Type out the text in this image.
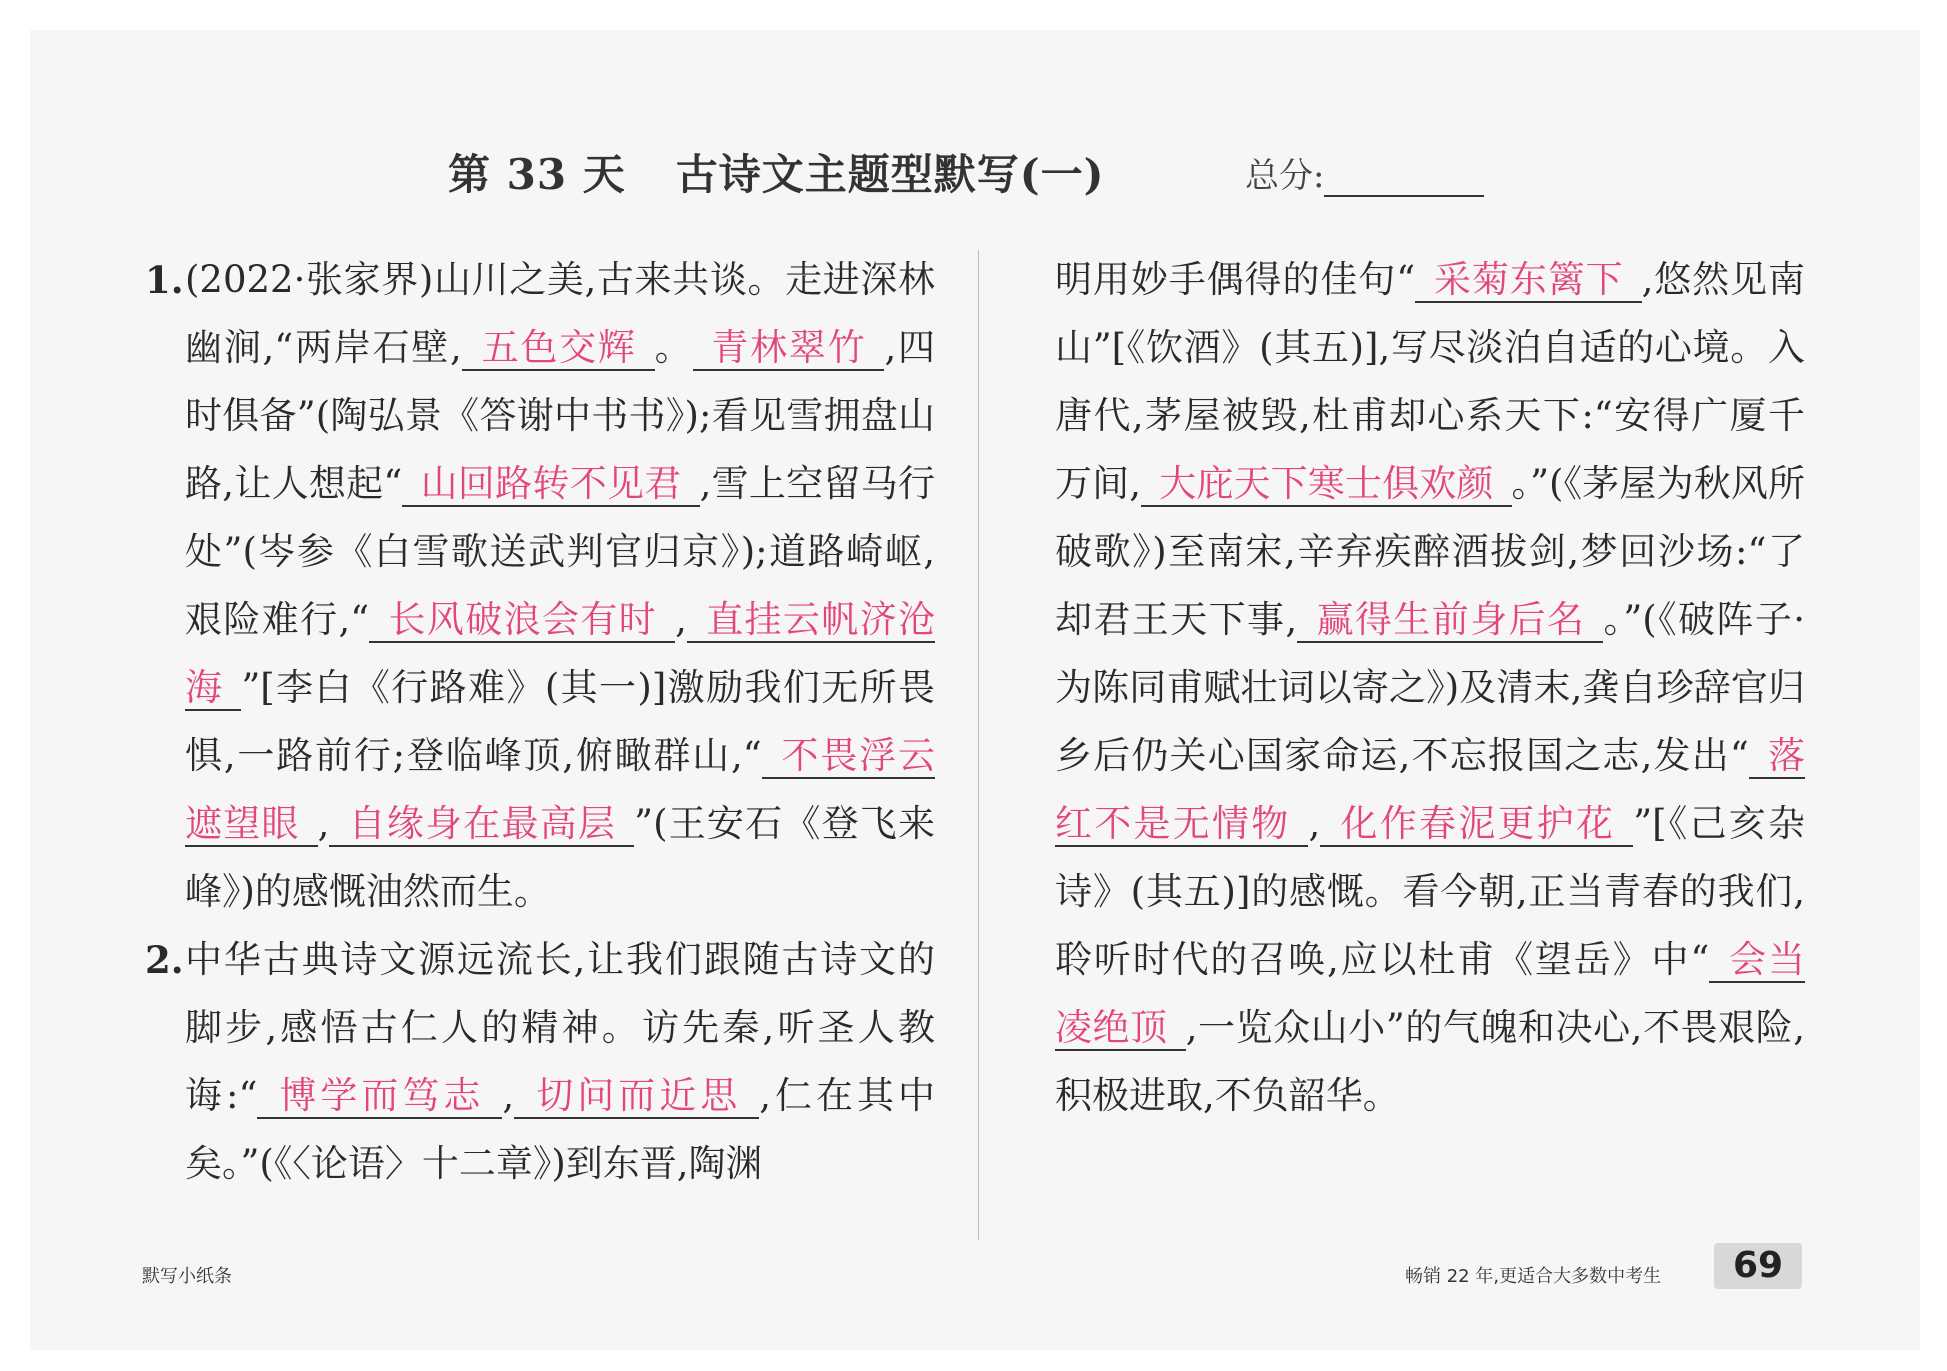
第 33 天 古诗文主题型默写(一)	总分:

1. (2022·张家界)山川之美,古来共谈。走进深林幽涧,“两岸石壁, 五色交辉 。 青林翠竹 ,四时俱备”(陶弘景《答谢中书书》);看见雪拥盘山路,让人想起“ 山回路转不见君 ,雪上空留马行处”(岑参《白雪歌送武判官归京》);道路崎岖,艰险难行,“ 长风破浪会有时 , 直挂云帆济沧海 ”[李白《行路难》(其一)]激励我们无所畏惧,一路前行;登临峰顶,俯瞰群山,“ 不畏浮云遮望眼 , 自缘身在最高层 ”(王安石《登飞来峰》)的感慨油然而生。

2. 中华古典诗文源远流长,让我们跟随古诗文的脚步,感悟古仁人的精神。访先秦,听圣人教诲:“ 博学而笃志 , 切问而近思 ,仁在其中矣。”(《〈论语〉十二章》)到东晋,陶渊

明用妙手偶得的佳句“ 采菊东篱下 ,悠然见南山”[《饮酒》(其五)],写尽淡泊自适的心境。入唐代,茅屋被毁,杜甫却心系天下:“安得广厦千万间, 大庇天下寒士俱欢颜 。”(《茅屋为秋风所破歌》)至南宋,辛弃疾醉酒拔剑,梦回沙场:“了却君王天下事, 赢得生前身后名 。”(《破阵子·为陈同甫赋壮词以寄之》)及清末,龚自珍辞官归乡后仍关心国家命运,不忘报国之志,发出“ 落红不是无情物 , 化作春泥更护花 ”[《己亥杂诗》(其五)]的感慨。看今朝,正当青春的我们,聆听时代的召唤,应以杜甫《望岳》中“ 会当凌绝顶 ,一览众山小”的气魄和决心,不畏艰险,积极进取,不负韶华。

默写小纸条	畅销 22 年,更适合大多数中考生	69
